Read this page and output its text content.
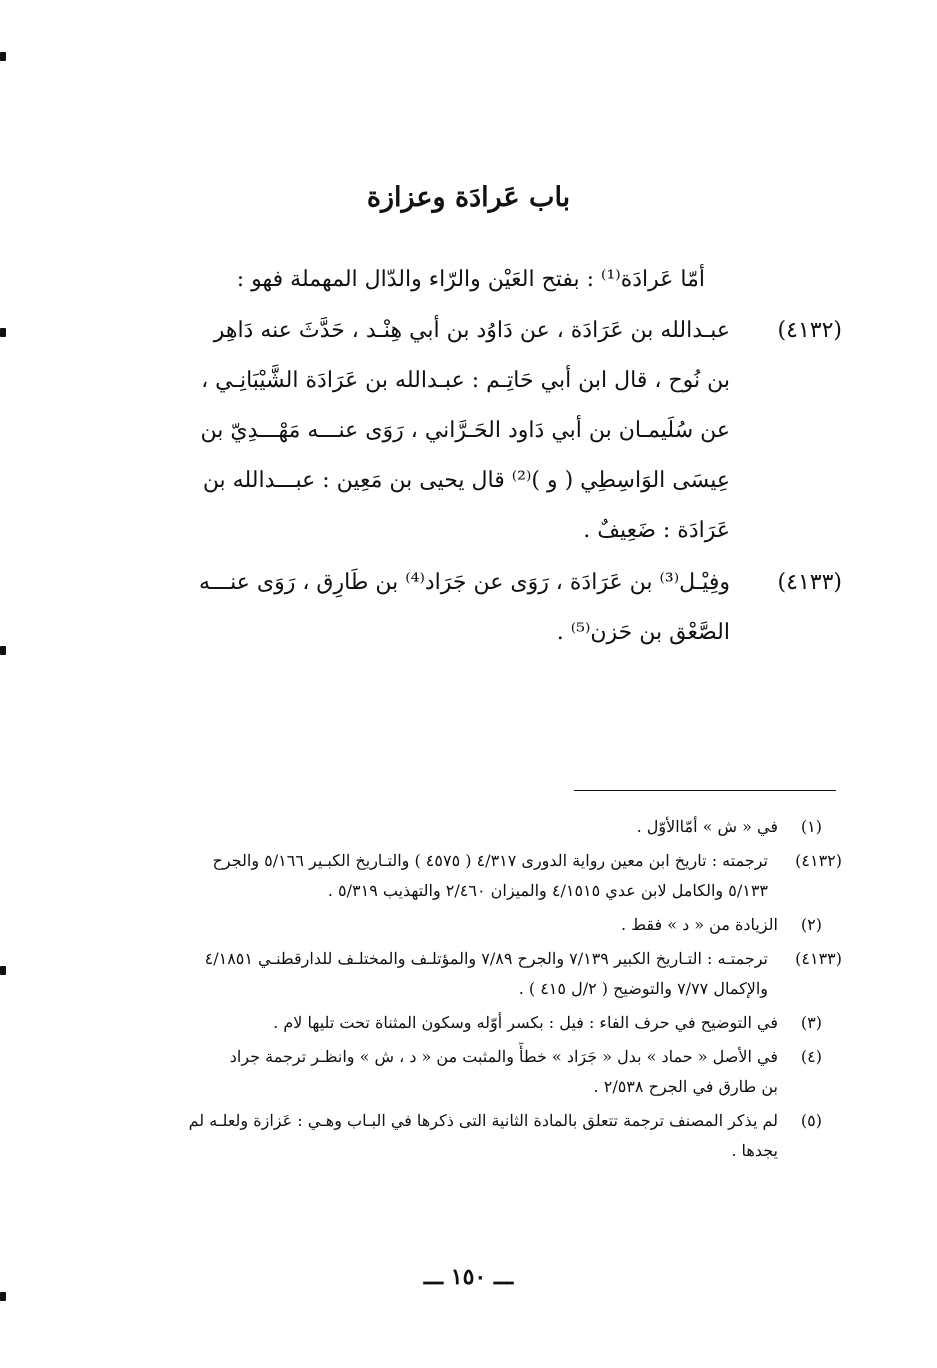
باب عَرادَة وعزازة
أمّا عَرادَة⁽¹⁾ : بفتح العَيْن والرّاء والدّال المهملة فهو :
(٤١٣٢)
عبـدالله بن عَرَادَة ، عن دَاوُد بن أبي هِنْـد ، حَدَّثَ عنه دَاهِر
بن نُوح ، قال ابن أبي حَاتِـم : عبـدالله بن عَرَادَة الشَّيْبَانِـي ،
عن سُلَيمـان بن أبي دَاود الحَـرَّاني ، رَوَى عنـــه مَهْـــدِيّ بن
عِيسَى الوَاسِطِي ( و )⁽²⁾ قال يحيى بن مَعِين : عبـــدالله بن
عَرَادَة : ضَعِيفٌ .
(٤١٣٣)
وفِيْـل⁽³⁾ بن عَرَادَة ، رَوَى عن جَرَاد⁽⁴⁾ بن طَارِق ، رَوَى عنـــه
الصَّعْق بن حَزن⁽⁵⁾ .
(١)
في « ش » أمّاالأوّل .
(٤١٣٢)
ترجمته : تاريخ ابن معين رواية الدورى ٤/٣١٧ ( ٤٥٧٥ ) والتـاريخ الكبـير ٥/١٦٦ والجرح
٥/١٣٣ والكامل لابن عدي ٤/١٥١٥ والميزان ٢/٤٦٠ والتهذيب ٥/٣١٩ .
(٢)
الزيادة من « د » فقط .
(٤١٣٣)
ترجمتـه : التـاريخ الكبير ٧/١٣٩ والجرح ٧/٨٩ والمؤتلـف والمختلـف للدارقطنـي ٤/١٨٥١
والإكمال ٧/٧٧ والتوضيح ( ٢/ل ٤١٥ ) .
(٣)
في التوضيح في حرف الفاء : فيل : بكسر أوّله وسكون المثناة تحت تليها لام .
(٤)
في الأصل « حماد » بدل « جَرَاد » خطأً والمثبت من « د ، ش » وانظـر ترجمة جراد
بن طارق في الجرح ٢/٥٣٨ .
(٥)
لم يذكر المصنف ترجمة تتعلق بالمادة الثانية التى ذكرها في البـاب وهـي : عَزازة ولعلـه لم
يجدها .
ـــ ١٥٠ ـــ
